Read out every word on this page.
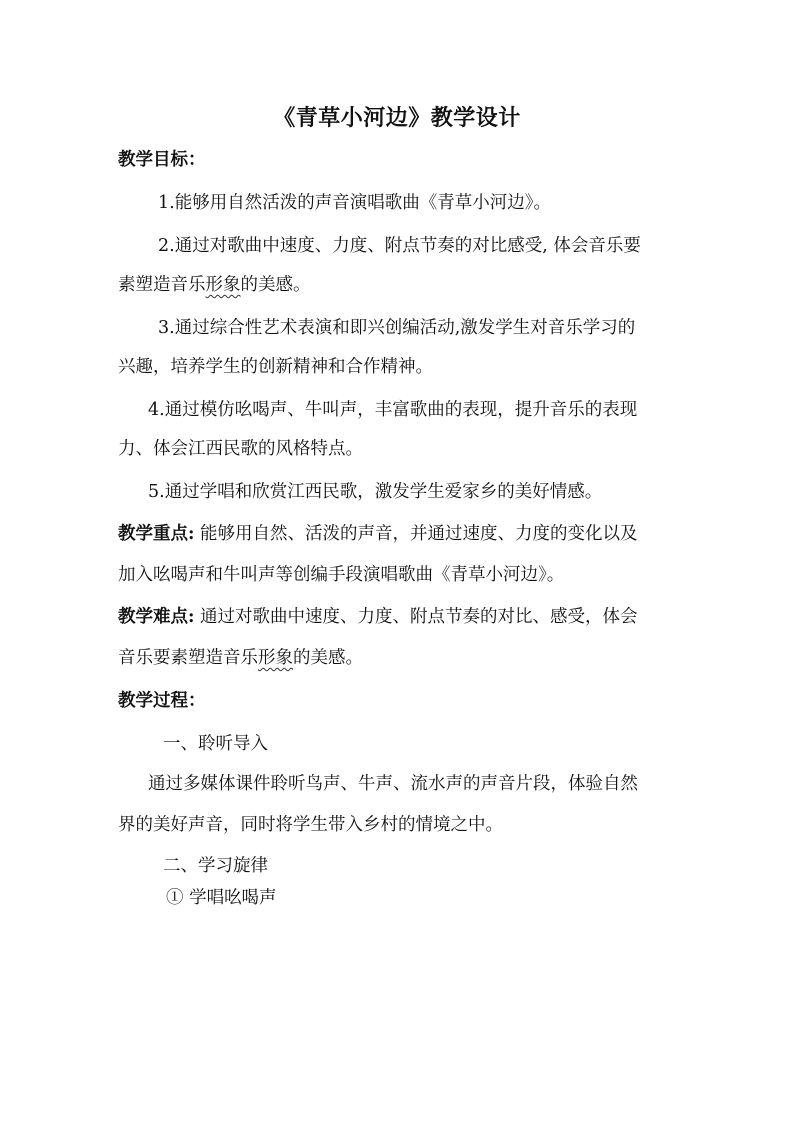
《青草小河边》教学设计
教学目标：
1.能够用自然活泼的声音演唱歌曲《青草小河边》。
2.通过对歌曲中速度、力度、附点节奏的对比感受, 体会音乐要
素塑造音乐形象的美感。
3.通过综合性艺术表演和即兴创编活动,激发学生对音乐学习的
兴趣，培养学生的创新精神和合作精神。
4.通过模仿吆喝声、牛叫声，丰富歌曲的表现，提升音乐的表现
力、体会江西民歌的风格特点。
5.通过学唱和欣赏江西民歌，激发学生爱家乡的美好情感。
教学重点: 能够用自然、活泼的声音，并通过速度、力度的变化以及
加入吆喝声和牛叫声等创编手段演唱歌曲《青草小河边》。
教学难点: 通过对歌曲中速度、力度、附点节奏的对比、感受，体会
音乐要素塑造音乐形象的美感。
教学过程：
一、聆听导入
通过多媒体课件聆听鸟声、牛声、流水声的声音片段，体验自然
界的美好声音，同时将学生带入乡村的情境之中。
二、学习旋律
① 学唱吆喝声
